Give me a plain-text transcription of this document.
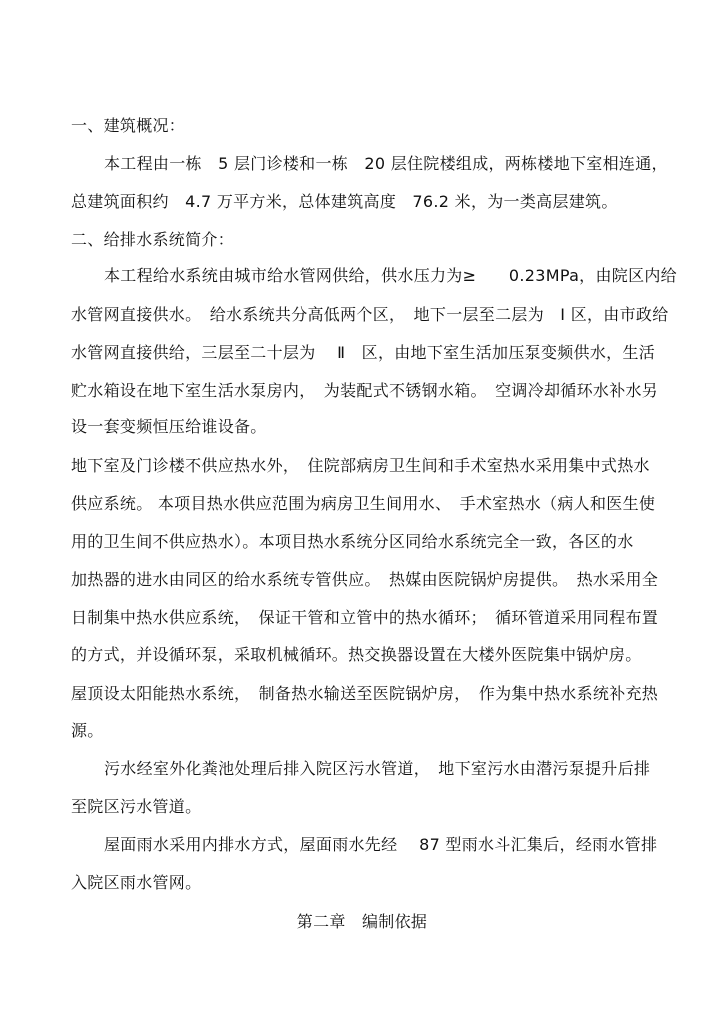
一、建筑概况：
本工程由一栋　5 层门诊楼和一栋　20 层住院楼组成，两栋楼地下室相连通，
总建筑面积约　4.7 万平方米，总体建筑高度　76.2 米，为一类高层建筑。
二、给排水系统简介：
本工程给水系统由城市给水管网供给，供水压力为≥　　0.23MPa，由院区内给
水管网直接供水。　给水系统共分高低两个区，　地下一层至二层为　Ⅰ 区，由市政给
水管网直接供给，三层至二十层为　 Ⅱ　区，由地下室生活加压泵变频供水，生活
贮水箱设在地下室生活水泵房内，　为装配式不锈钢水箱。　空调冷却循环水补水另
设一套变频恒压给谁设备。
地下室及门诊楼不供应热水外，　住院部病房卫生间和手术室热水采用集中式热水
供应系统。 本项目热水供应范围为病房卫生间用水、　手术室热水（病人和医生使
用的卫生间不供应热水）。本项目热水系统分区同给水系统完全一致，各区的水
加热器的进水由同区的给水系统专管供应。　热媒由医院锅炉房提供。　热水采用全
日制集中热水供应系统，　保证干管和立管中的热水循环；　循环管道采用同程布置
的方式，并设循环泵，采取机械循环。热交换器设置在大楼外医院集中锅炉房。
屋顶设太阳能热水系统，　制备热水输送至医院锅炉房，　作为集中热水系统补充热
源。
污水经室外化粪池处理后排入院区污水管道，　地下室污水由潜污泵提升后排
至院区污水管道。
屋面雨水采用内排水方式，屋面雨水先经　 87 型雨水斗汇集后，经雨水管排
入院区雨水管网。
第二章　编制依据
